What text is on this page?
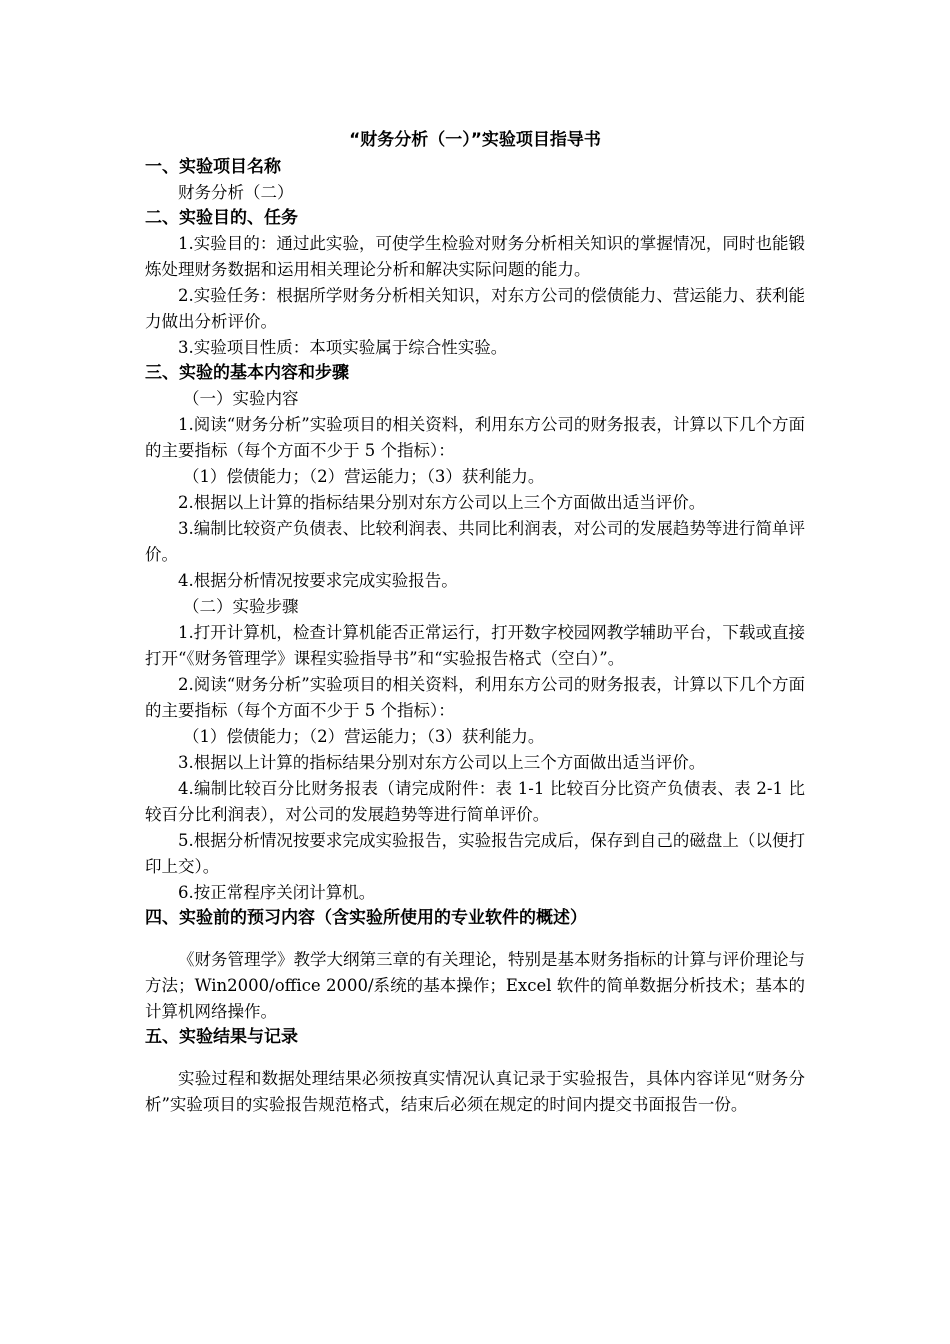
“财务分析（一）”实验项目指导书

一、实验项目名称

财务分析（二）

二、实验目的、任务

1.实验目的：通过此实验，可使学生检验对财务分析相关知识的掌握情况，同时也能锻炼处理财务数据和运用相关理论分析和解决实际问题的能力。

2.实验任务：根据所学财务分析相关知识，对东方公司的偿债能力、营运能力、获利能力做出分析评价。

3.实验项目性质：本项实验属于综合性实验。

三、实验的基本内容和步骤

（一）实验内容

1.阅读“财务分析”实验项目的相关资料，利用东方公司的财务报表，计算以下几个方面的主要指标（每个方面不少于 5 个指标）：

（1）偿债能力；（2）营运能力；（3）获利能力。

2.根据以上计算的指标结果分别对东方公司以上三个方面做出适当评价。

3.编制比较资产负债表、比较利润表、共同比利润表，对公司的发展趋势等进行简单评价。

4.根据分析情况按要求完成实验报告。

（二）实验步骤

1.打开计算机，检查计算机能否正常运行，打开数字校园网教学辅助平台，下载或直接打开“《财务管理学》课程实验指导书”和“实验报告格式（空白）”。

2.阅读“财务分析”实验项目的相关资料，利用东方公司的财务报表，计算以下几个方面的主要指标（每个方面不少于 5 个指标）：

（1）偿债能力；（2）营运能力；（3）获利能力。

3.根据以上计算的指标结果分别对东方公司以上三个方面做出适当评价。

4.编制比较百分比财务报表（请完成附件：表 1-1 比较百分比资产负债表、表 2-1 比较百分比利润表），对公司的发展趋势等进行简单评价。

5.根据分析情况按要求完成实验报告，实验报告完成后，保存到自己的磁盘上（以便打印上交）。

6.按正常程序关闭计算机。

四、实验前的预习内容（含实验所使用的专业软件的概述）

《财务管理学》教学大纲第三章的有关理论，特别是基本财务指标的计算与评价理论与方法；Win2000/office 2000/系统的基本操作；Excel 软件的简单数据分析技术；基本的计算机网络操作。

五、实验结果与记录

实验过程和数据处理结果必须按真实情况认真记录于实验报告，具体内容详见“财务分析”实验项目的实验报告规范格式，结束后必须在规定的时间内提交书面报告一份。
